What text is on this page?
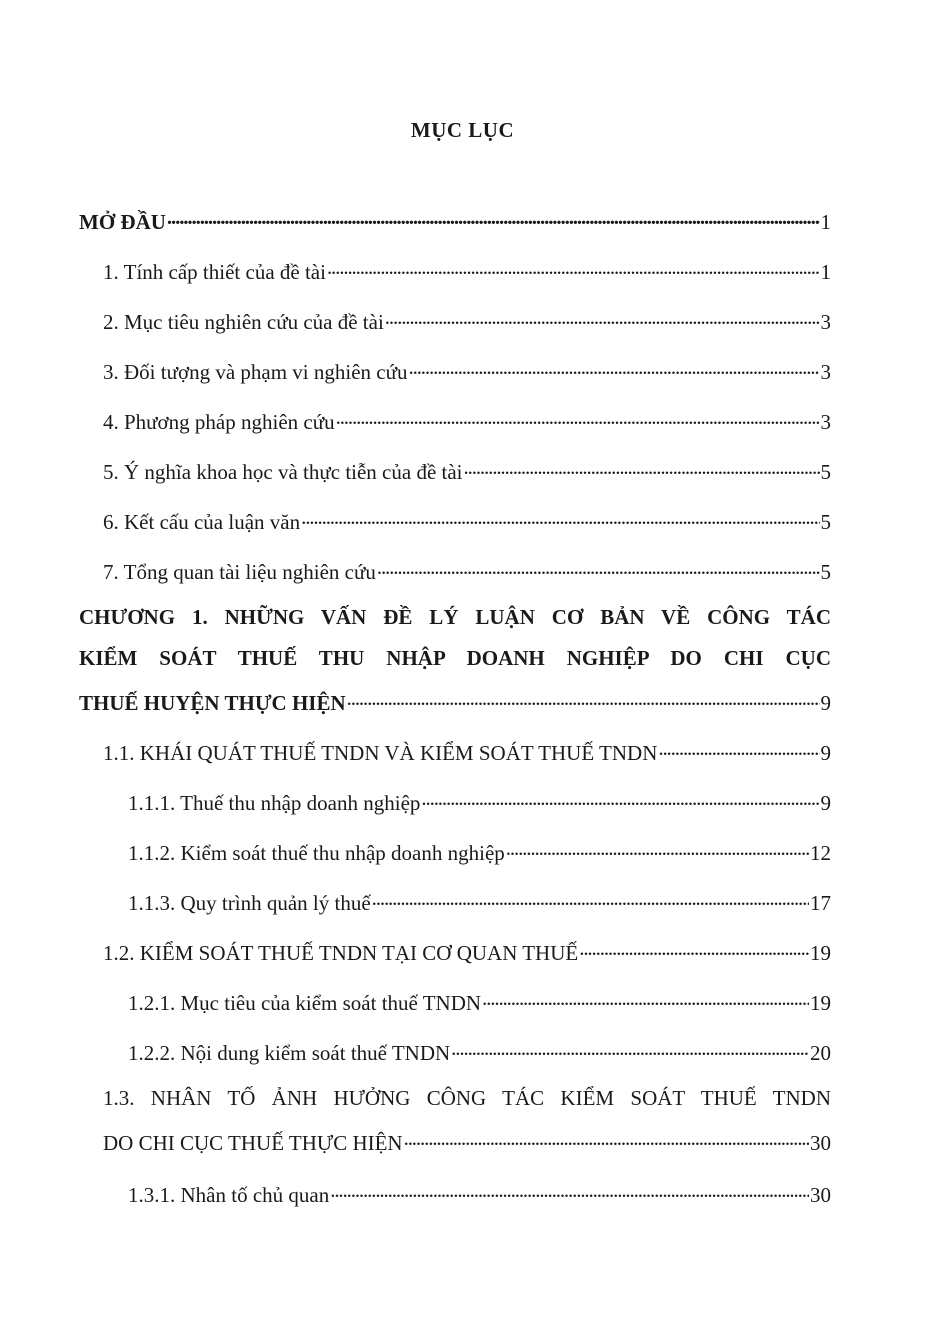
MỤC LỤC
MỞ ĐẦU . . .	1
1. Tính cấp thiết của đề tài . . .	1
2. Mục tiêu nghiên cứu của đề tài . . .	3
3. Đối tượng và phạm vi nghiên cứu . . .	3
4. Phương pháp nghiên cứu . . .	3
5. Ý nghĩa khoa học và thực tiễn của đề tài . . .	5
6. Kết cấu của luận văn . . .	5
7. Tổng quan tài liệu nghiên cứu . . .	5
CHƯƠNG 1. NHỮNG VẤN ĐỀ LÝ LUẬN CƠ BẢN VỀ CÔNG TÁC
KIỂM SOÁT THUẾ THU NHẬP DOANH NGHIỆP DO CHI CỤC
THUẾ HUYỆN THỰC HIỆN . . .	9
1.1. KHÁI QUÁT THUẾ TNDN VÀ KIỂM SOÁT THUẾ TNDN . . .	9
1.1.1. Thuế thu nhập doanh nghiệp . . .	9
1.1.2. Kiểm soát thuế thu nhập doanh nghiệp . . .	12
1.1.3. Quy trình quản lý thuế . . .	17
1.2. KIỂM SOÁT THUẾ TNDN TẠI CƠ QUAN THUẾ . . .	19
1.2.1. Mục tiêu của kiểm soát thuế TNDN . . .	19
1.2.2. Nội dung kiểm soát thuế TNDN . . .	20
1.3. NHÂN TỐ ẢNH HƯỞNG CÔNG TÁC KIỂM SOÁT THUẾ TNDN
DO CHI CỤC THUẾ THỰC HIỆN . . .	30
1.3.1. Nhân tố chủ quan . . .	30
